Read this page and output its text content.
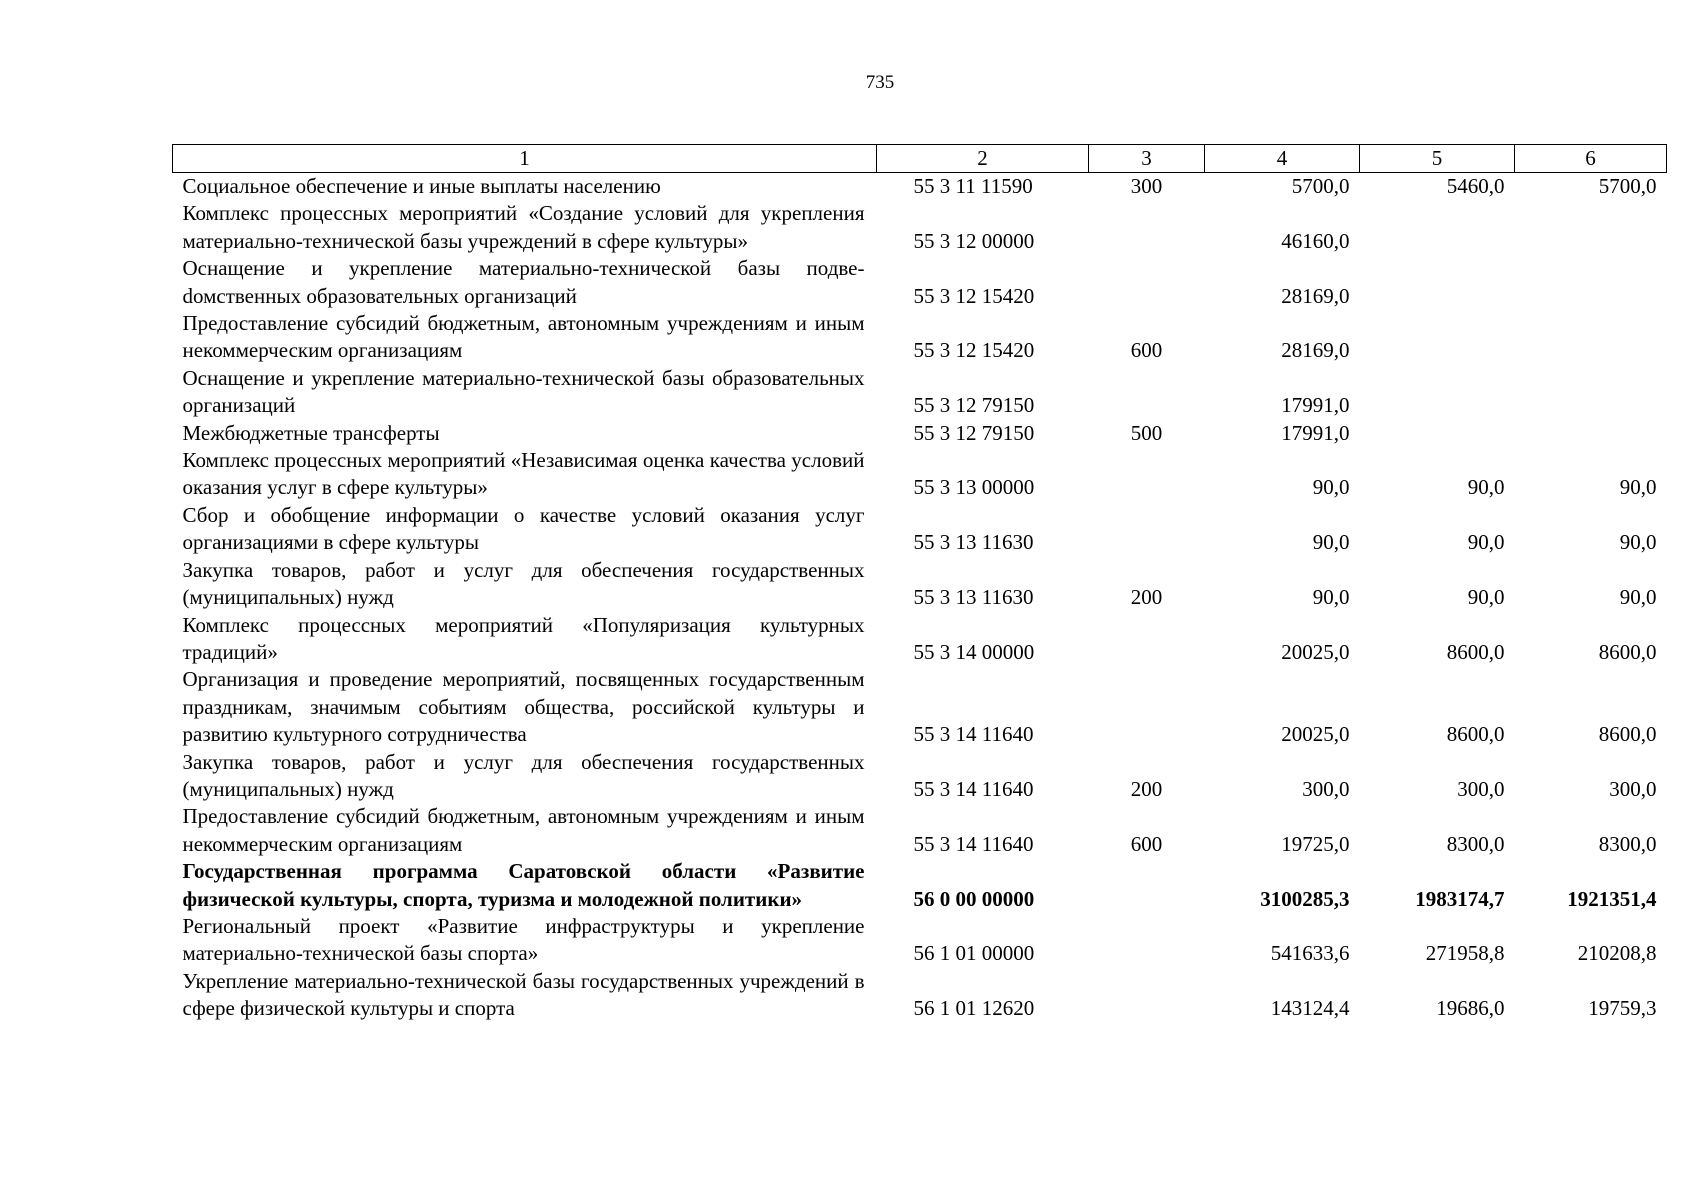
735
1	2	3	4	5	6
Социальное обеспечение и иные выплаты населению	55 3 11 11590	300	5700,0	5460,0	5700,0
Комплекс процессных мероприятий «Создание условий для укрепления материально-технической базы учреждений в сфере культуры»	55 3 12 00000		46160,0		
Оснащение и укрепление материально-технической базы подвеdомственных образовательных организаций	55 3 12 15420		28169,0		
Предоставление субсидий бюджетным, автономным учреждениям и иным некоммерческим организациям	55 3 12 15420	600	28169,0		
Оснащение и укрепление материально-технической базы образовательных организаций	55 3 12 79150		17991,0		
Межбюджетные трансферты	55 3 12 79150	500	17991,0		
Комплекс процессных мероприятий «Независимая оценка качества условий оказания услуг в сфере культуры»	55 3 13 00000		90,0	90,0	90,0
Сбор и обобщение информации о качестве условий оказания услуг организациями в сфере культуры	55 3 13 11630		90,0	90,0	90,0
Закупка товаров, работ и услуг для обеспечения государственных (муниципальных) нужд	55 3 13 11630	200	90,0	90,0	90,0
Комплекс процессных мероприятий «Популяризация культурных традиций»	55 3 14 00000		20025,0	8600,0	8600,0
Организация и проведение мероприятий, посвященных государственным праздникам, значимым событиям общества, российской культуры и развитию культурного сотрудничества	55 3 14 11640		20025,0	8600,0	8600,0
Закупка товаров, работ и услуг для обеспечения государственных (муниципальных) нужд	55 3 14 11640	200	300,0	300,0	300,0
Предоставление субсидий бюджетным, автономным учреждениям и иным некоммерческим организациям	55 3 14 11640	600	19725,0	8300,0	8300,0
Государственная программа Саратовской области «Развитие физической культуры, спорта, туризма и молодежной политики»	56 0 00 00000		3100285,3	1983174,7	1921351,4
Региональный проект «Развитие инфраструктуры и укрепление материально-технической базы спорта»	56 1 01 00000		541633,6	271958,8	210208,8
Укрепление материально-технической базы государственных учреждений в сфере физической культуры и спорта	56 1 01 12620		143124,4	19686,0	19759,3
